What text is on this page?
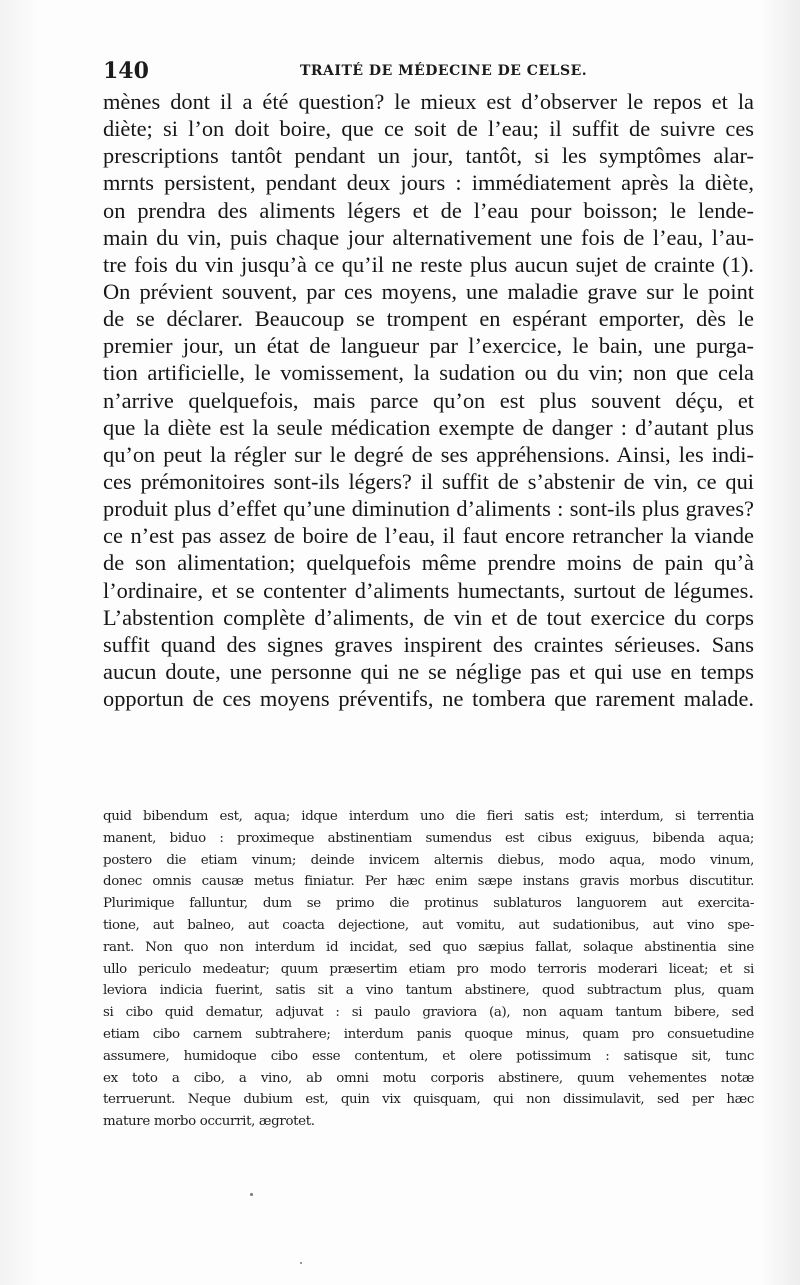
140	TRAITÉ DE MÉDECINE DE CELSE.
mènes dont il a été question? le mieux est d’observer le repos et la
diète; si l’on doit boire, que ce soit de l’eau; il suffit de suivre ces
prescriptions tantôt pendant un jour, tantôt, si les symptômes alar-
mrnts persistent, pendant deux jours : immédiatement après la diète,
on prendra des aliments légers et de l’eau pour boisson; le lende-
main du vin, puis chaque jour alternativement une fois de l’eau, l’au-
tre fois du vin jusqu’à ce qu’il ne reste plus aucun sujet de crainte (1).
On prévient souvent, par ces moyens, une maladie grave sur le point
de se déclarer. Beaucoup se trompent en espérant emporter, dès le
premier jour, un état de langueur par l’exercice, le bain, une purga-
tion artificielle, le vomissement, la sudation ou du vin; non que cela
n’arrive quelquefois, mais parce qu’on est plus souvent déçu, et
que la diète est la seule médication exempte de danger : d’autant plus
qu’on peut la régler sur le degré de ses appréhensions. Ainsi, les indi-
ces prémonitoires sont-ils légers? il suffit de s’abstenir de vin, ce qui
produit plus d’effet qu’une diminution d’aliments : sont-ils plus graves?
ce n’est pas assez de boire de l’eau, il faut encore retrancher la viande
de son alimentation; quelquefois même prendre moins de pain qu’à
l’ordinaire, et se contenter d’aliments humectants, surtout de légumes.
L’abstention complète d’aliments, de vin et de tout exercice du corps
suffit quand des signes graves inspirent des craintes sérieuses. Sans
aucun doute, une personne qui ne se néglige pas et qui use en temps
opportun de ces moyens préventifs, ne tombera que rarement malade.
quid bibendum est, aqua; idque interdum uno die fieri satis est; interdum, si terrentia
manent, biduo : proximeque abstinentiam sumendus est cibus exiguus, bibenda aqua;
postero die etiam vinum; deinde invicem alternis diebus, modo aqua, modo vinum,
donec omnis causæ metus finiatur. Per hæc enim sæpe instans gravis morbus discutitur.
Plurimique falluntur, dum se primo die protinus sublaturos languorem aut exercita-
tione, aut balneo, aut coacta dejectione, aut vomitu, aut sudationibus, aut vino spe-
rant. Non quo non interdum id incidat, sed quo sæpius fallat, solaque abstinentia sine
ullo periculo medeatur; quum præsertim etiam pro modo terroris moderari liceat; et si
leviora indicia fuerint, satis sit a vino tantum abstinere, quod subtractum plus, quam
si cibo quid dematur, adjuvat : si paulo graviora (a), non aquam tantum bibere, sed
etiam cibo carnem subtrahere; interdum panis quoque minus, quam pro consuetudine
assumere, humidoque cibo esse contentum, et olere potissimum : satisque sit, tunc
ex toto a cibo, a vino, ab omni motu corporis abstinere, quum vehementes notæ
terruerunt. Neque dubium est, quin vix quisquam, qui non dissimulavit, sed per hæc
mature morbo occurrit, ægrotet.
